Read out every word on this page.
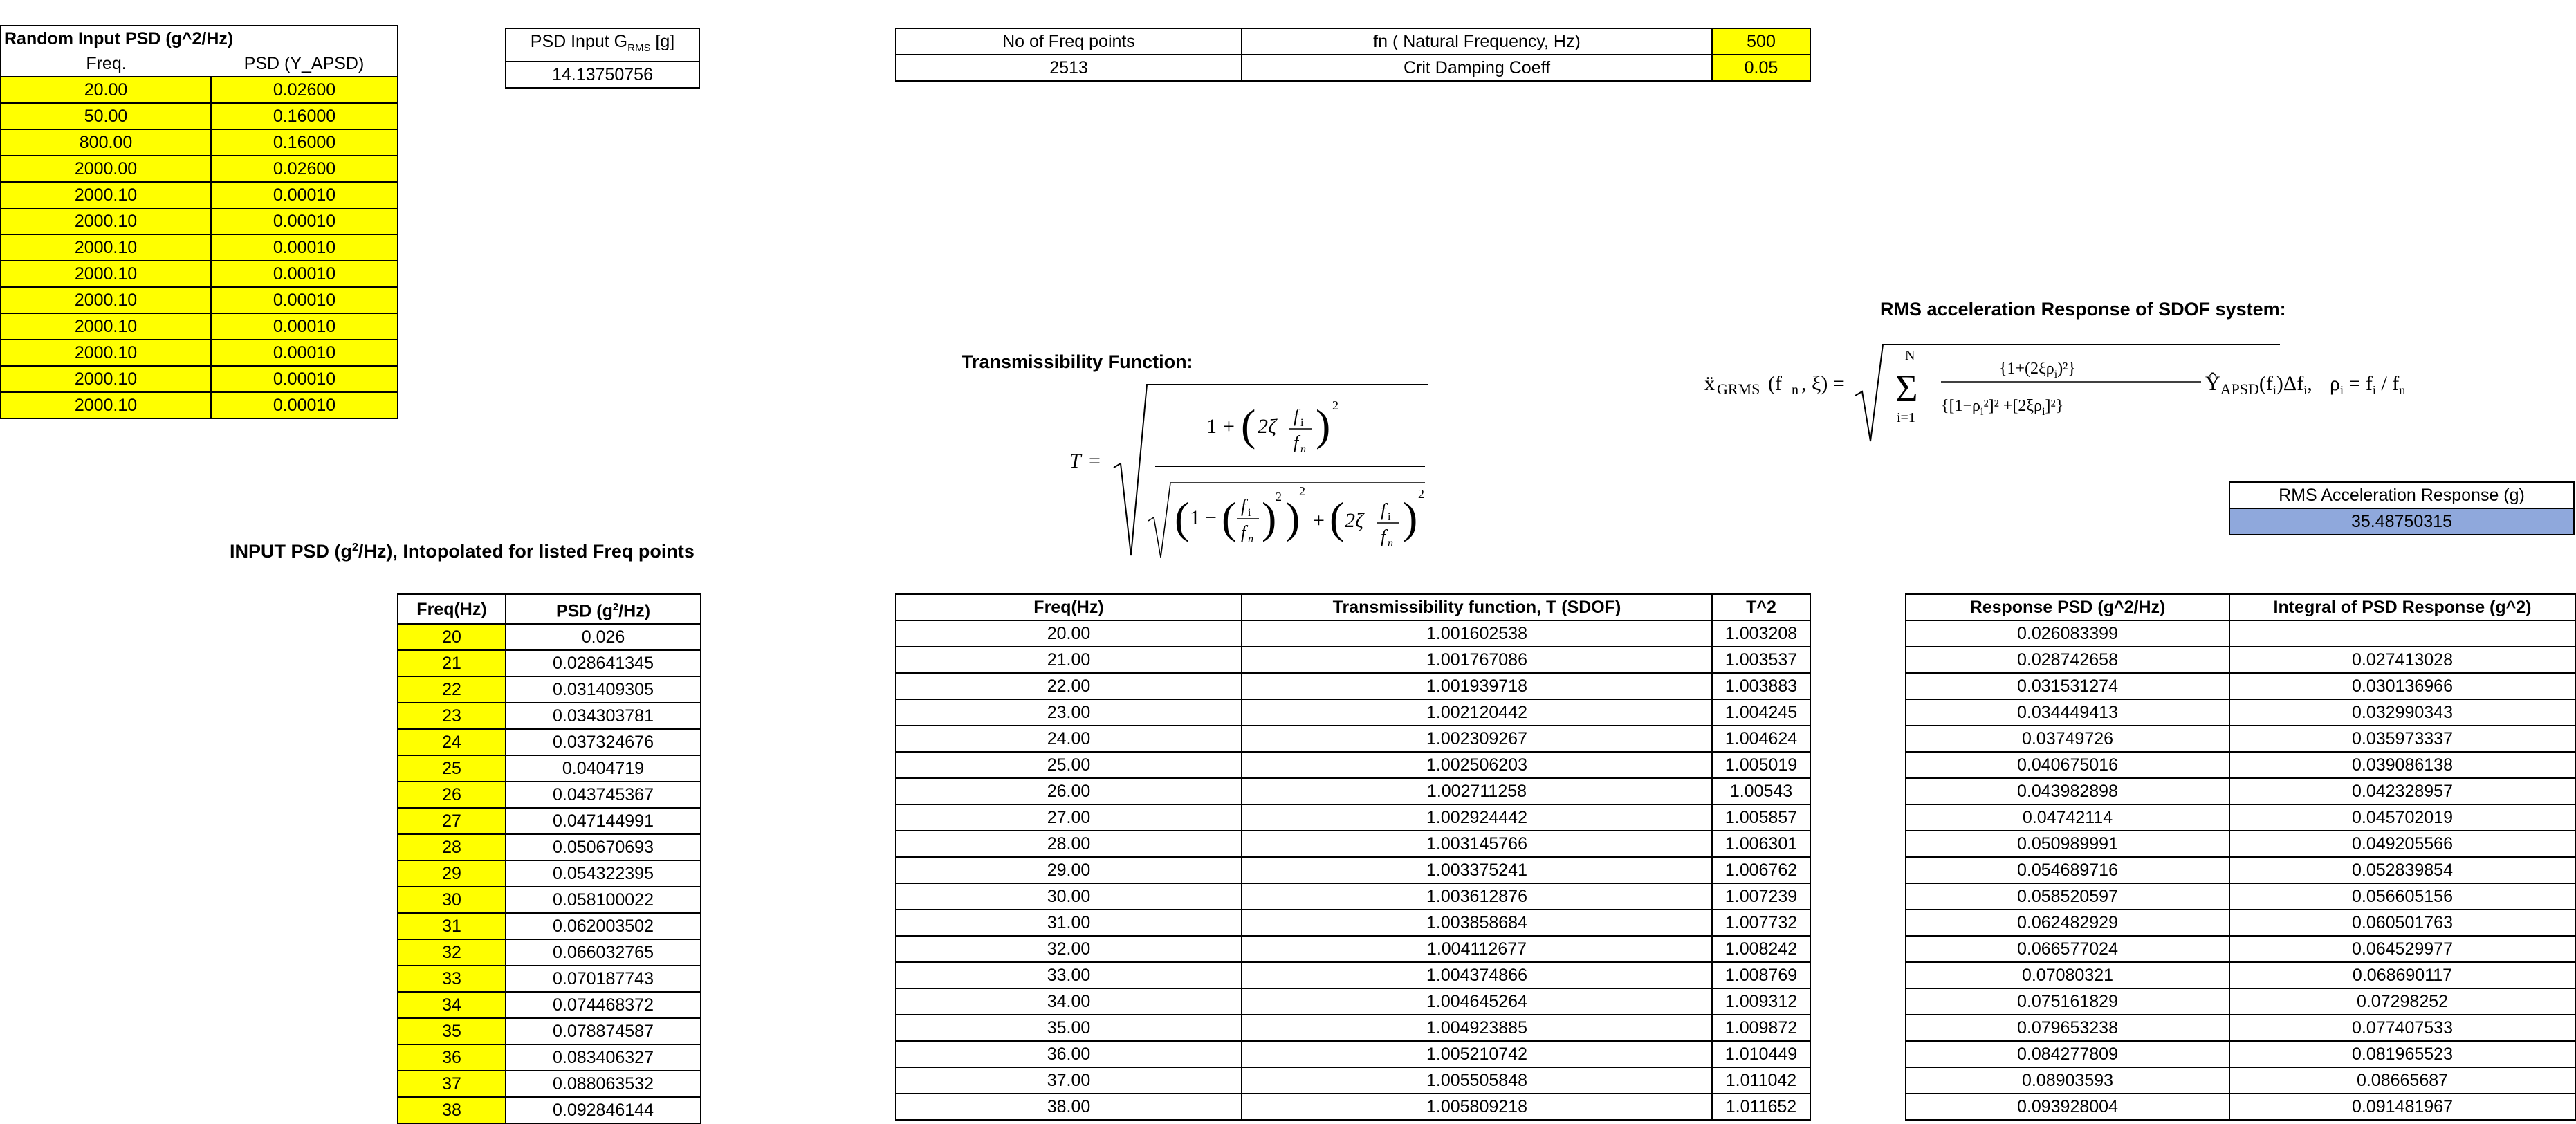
Random Input PSD (g^2/Hz)	
Freq.	PSD (Y_APSD)
20.00	0.02600
50.00	0.16000
800.00	0.16000
2000.00	0.02600
2000.10	0.00010
2000.10	0.00010
2000.10	0.00010
2000.10	0.00010
2000.10	0.00010
2000.10	0.00010
2000.10	0.00010
2000.10	0.00010
2000.10	0.00010
PSD Input $G_{RMS}$ [g]
14.13750756
No of Freq points	fn ( Natural Frequency, Hz)	500
2513	Crit Damping Coeff	0.05
Transmissibility Function:
RMS acceleration Response of SDOF system:
INPUT PSD $(g^2/Hz)$, Intopolated for listed Freq points
T =
1 + ( 2ζ f i
f n ) 2
( 1 − ( f i
f n )
2 )
2
+ ( 2ζ f i
f n
) 2
ẍ GRMS (f n , ξ) =
N
Σ
i=1
$\{1+(2\xi\rho_i)^2\}$
$\{[1-\rho_i^2]^2 +[2\xi\rho_i]^2\}$
$Ŷ_{APSD}(f_i)\Delta f_i$, $\rho_i = f_i / f_n$
RMS Acceleration Response (g)
35.48750315
Freq(Hz)	PSD $(g^2/Hz)$
20	0.026
21	0.028641345
22	0.031409305
23	0.034303781
24	0.037324676
25	0.0404719
26	0.043745367
27	0.047144991
28	0.050670693
29	0.054322395
30	0.058100022
31	0.062003502
32	0.066032765
33	0.070187743
34	0.074468372
35	0.078874587
36	0.083406327
37	0.088063532
38	0.092846144
Freq(Hz)	Transmissibility function, T (SDOF)	T^2
20.00	1.001602538	1.003208
21.00	1.001767086	1.003537
22.00	1.001939718	1.003883
23.00	1.002120442	1.004245
24.00	1.002309267	1.004624
25.00	1.002506203	1.005019
26.00	1.002711258	1.00543
27.00	1.002924442	1.005857
28.00	1.003145766	1.006301
29.00	1.003375241	1.006762
30.00	1.003612876	1.007239
31.00	1.003858684	1.007732
32.00	1.004112677	1.008242
33.00	1.004374866	1.008769
34.00	1.004645264	1.009312
35.00	1.004923885	1.009872
36.00	1.005210742	1.010449
37.00	1.005505848	1.011042
38.00	1.005809218	1.011652
Response PSD (g^2/Hz)	Integral of PSD Response (g^2)
0.026083399	
0.028742658	0.027413028
0.031531274	0.030136966
0.034449413	0.032990343
0.03749726	0.035973337
0.040675016	0.039086138
0.043982898	0.042328957
0.04742114	0.045702019
0.050989991	0.049205566
0.054689716	0.052839854
0.058520597	0.056605156
0.062482929	0.060501763
0.066577024	0.064529977
0.07080321	0.068690117
0.075161829	0.07298252
0.079653238	0.077407533
0.084277809	0.081965523
0.08903593	0.08665687
0.093928004	0.091481967
